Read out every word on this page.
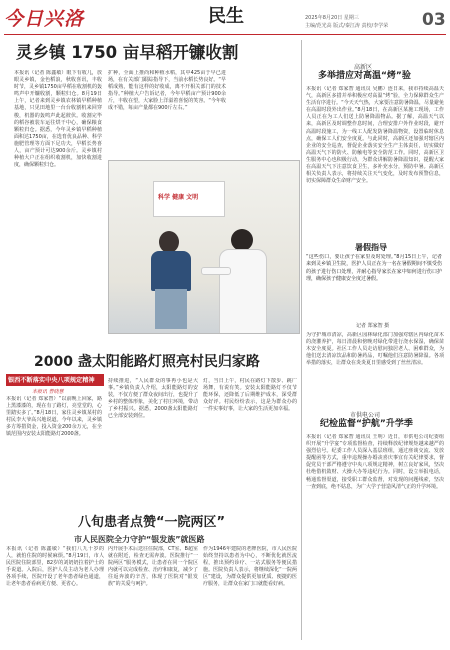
今日兴洛	民生	2025年8月20日 星期三
主编/范光高 版式/秦江涛 责校/李学荣	03
灵乡镇 1750 亩早稻开镰收割
本报讯（记者 陈鑫敏）眼下有收几，放眼灵乡镇，金色稻浪，秋收喜讯，丰收时节，灵乡镇1750亩早稻在收割机的轰鸣声中开镰收割，颗粒归仓。8月19日上午，记者来到灵乡镇农林镇早稻种植基地，只见田地里一台台收割机来回穿梭，机器的轰鸣声此起彼伏。收割完毕的稻谷被装车运往烘干中心，确保粮食颗粒归仓。据悉，今年灵乡镇早稻种植面积达1750亩，在选育优良品种、科学施肥管理等方面下足功夫，早稻长势喜人，亩产预计可达900余斤。灵乡镇村种植大户正在组织收割机，加快收割进度，确保颗粒归仓。
扩种，全面上推尚和种植水稻，其中425亩于早已进场，在有关部门跟踪指导下，当前水稻长势良好。“早稻成熟，能有这样的好收成，离不开相关部门的技术指导。”种植大户告诉记者，今年早稻亩产预计900余斤，丰收在望，大家脸上洋溢着喜悦的笑容。“今年收成不错，每亩产量都在900斤左右。”
科学 健康 文明
暑假指导
“这些伤口，要让孩子在家里及时处理。”8月15日上午，记者来到灵乡镇卫生院，医护人员正在为一名在暑假期间不慎受伤的孩子进行伤口处理，并耐心指导家长在家中如何进行伤口护理，确保孩子健康安全度过暑假。
记者 郑家智 摄
高新区
多举措应对高温“烤”验
本报讯（记者 郑家智 通讯员 吴鹏）连日来，我市持续高温天气，高新区多措并举积极应对高温“烤”验，全力保障群众生产生活有序进行。“今天天气热，大家要注意防暑降温，尽量避免在高温时段外出作业。”8月18日，在高新区某施工现场，工作人员正在为工人们送上防暑降温物品。据了解，高温天气以来，高新区及时调整作息时间，合理安排户外作业时段，避开高温时段施工，为一线工人配发防暑降温物资，设置临时休息点，确保工人们安全度夏。与此同时，高新区还加强对辖区内企业的安全巡查，督促企业落实安全生产主体责任，切实做好高温天气下的防火、防触电等安全防范工作。同时，高新区卫生服务中心也积极行动，为群众讲解防暑降温知识，提醒大家在高温天气下注意饮食卫生，多补充水分，预防中暑。高新区相关负责人表示，将持续关注天气变化，及时发布预警信息，切实保障群众生命财产安全。
为守护城市清凉，高新区园林绿化部门加强对辖区内绿化苗木的浇灌养护，每日清晨和傍晚对绿化带进行浇水保湿，确保苗木安全度夏。社区工作人员走访慰问独居老人、困难群众，为他们送去清凉饮品和防暑药品，叮嘱他们注意防暑降温。各项举措的落实，让群众在炎炎夏日里感受到了丝丝清凉。
市供电公司
纪检监督“护航”升学季
本报讯（记者 郑家智 通讯员 王明）近日，市供电公司纪委组织开展“升学宴”专项监督检查，持续释放纪律规矩越来越严的强烈信号。纪委工作人员深入基层班组，通过座谈交流、发放提醒函等方式，重申违规操办婚丧喜庆事宜有关纪律要求，督促党员干部严格遵守中央八项规定精神，树立良好家风，坚决杜绝借机敛财、大操大办等违纪行为。同时，设立举报电话，畅通监督渠道，接受职工群众监督，对发现的问题线索，坚决一查到底，绝不姑息，为广大学子营造风清气正的升学环境。
2000 盏太阳能路灯照亮村民归家路
银西不断落实中央八项规定精神
本报讯 曾晓慧
本报讯（记者 郑家智）“以前晚上回家，路上黑漆漆的，现在有了路灯，亮堂堂的，心里踏实多了。”8月18日，家住灵乡镇某村的村民李大爷高兴地说道。今年以来，灵乡镇多方筹措资金，投入资金200余万元，在全镇范围内安装太阳能路灯2000盏。
持续推进，“人民群众的事再小也是大事。”乡镇负责人介绍，太阳能路灯的安装，不仅方便了群众夜间出行，也提升了乡村的整体形象，美化了村庄环境，带动了乡村振兴。据悉，2000盏太阳能路灯已全部安装到位。
灯，当日上午，村民在路灯下散步、跳广场舞，有说有笑。安装太阳能路灯不仅节能环保，还降低了后期维护成本，深受群众好评。村民纷纷表示，这是为群众办的一件实事好事，让大家的生活更加幸福。
八旬患者点赞“一院两区”
市人民医院全力守护“银发族”就医路
本报讯（记者 陈鑫敏）“我们八九十岁的人，就怕住院的时候麻烦。”8月19日，市人民医院住院部里，82岁的刘奶奶拉着护士的手说道。入院后，医护人员主动为老人办理各项手续，医院开设了老年患者绿色通道，让老年患者看病更方便、更省心。
内开展手术后送往住院部，CT室、B超室就在附近，检查无需奔波。医院推行“一院两区”服务模式，让患者在同一个院区内就可以完成检查、治疗和康复，减少了往返奔波的辛苦，体现了医院对“银发族”的关爱与呵护。
作为1946年建院的老牌医院，市人民医院始终坚持以患者为中心，不断优化就医流程，推出预约诊疗、一站式服务等便民措施。医院负责人表示，将继续深化“一院两区”建设，为群众提供更加优质、便捷的医疗服务，让群众在家门口就能看好病。
